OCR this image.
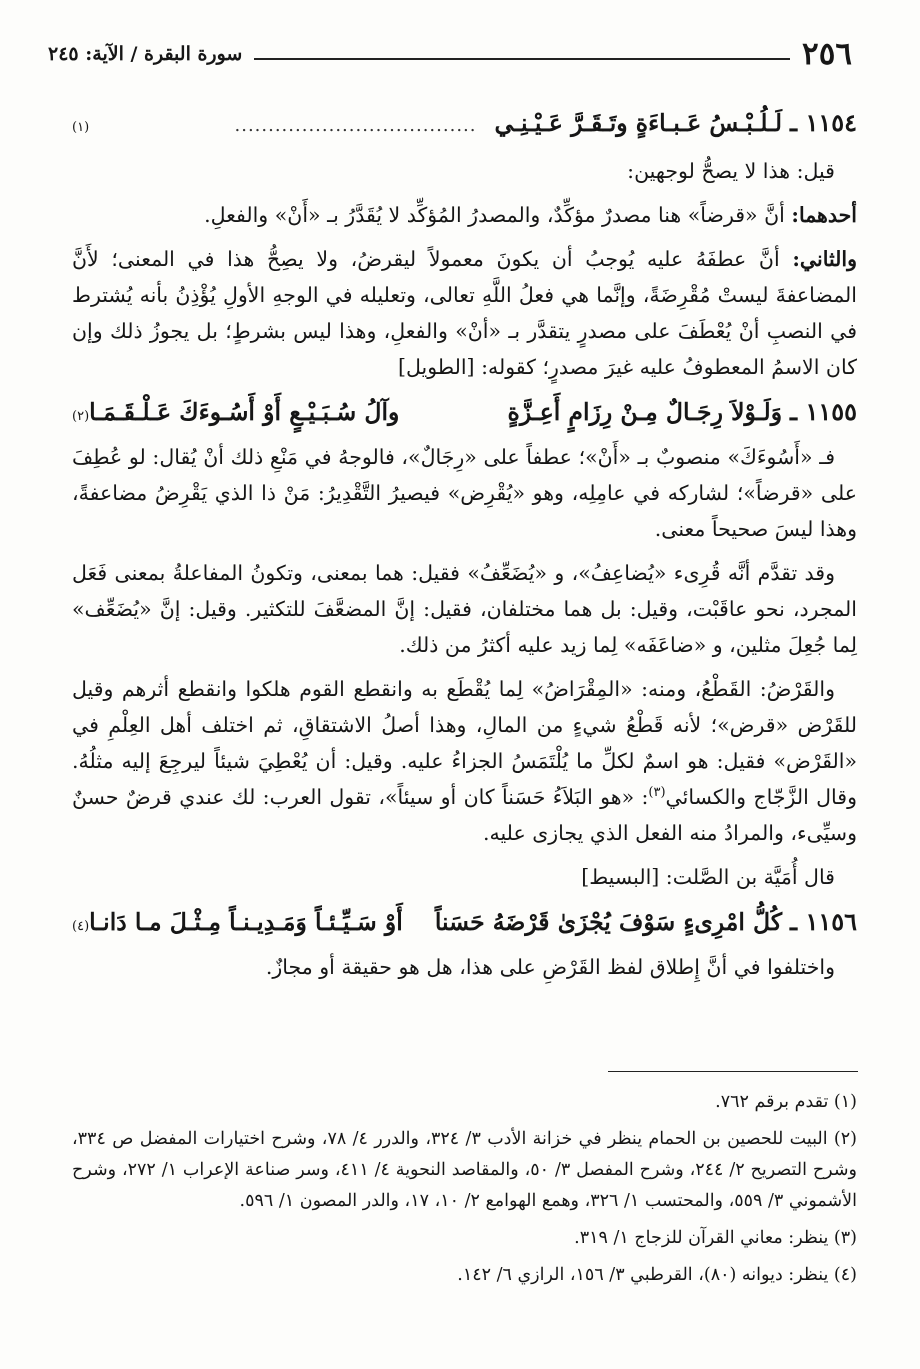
٢٥٦
سورة البقرة / الآية: ٢٤٥
١١٥٤ ـ
لَـلُـبْـسُ عَـبـاءَةٍ وتَـقَـرَّ عَـيْـنِـي
....................................
(١)

قيل: هذا لا يصحُّ لوجهين:

أحدهما: أنَّ «قرضاً» هنا مصدرٌ مؤكِّدٌ، والمصدرُ المُؤكِّد لا يُقَدَّرُ بـ «أَنْ» والفعلِ.

والثاني: أنَّ عطفَهُ عليه يُوجبُ أن يكونَ معمولاً ليقرضُ، ولا يصِحُّ هذا في المعنى؛ لأَنَّ المضاعفةَ ليستْ مُقْرِضَةً، وإنَّما هي فعلُ اللَّهِ تعالى، وتعليله في الوجهِ الأولِ يُؤْذِنُ بأنه يُشترط في النصبِ أنْ يُعْطَفَ على مصدرٍ يتقدَّر بـ «أنْ» والفعلِ، وهذا ليس بشرطٍ؛ بل يجوزُ ذلك وإن كان الاسمُ المعطوفُ عليه غيرَ مصدرٍ؛ كقوله: [الطويل]

١١٥٥ ـ
وَلَـوْلاَ رِجَـالٌ مِـنْ رِزَامٍ أَعِـزَّةٍ
وآلُ سُـبَـيْـعٍ أَوْ أَسُـوءَكَ عَـلْـقَـمَـا
(٢)

فـ «أَسُوءَكَ» منصوبٌ بـ «أَنْ»؛ عطفاً على «رِجَالٌ»، فالوجهُ في مَنْعِ ذلك أنْ يُقال: لو عُطِفَ على «قرضاً»؛ لشاركه في عامِلِه، وهو «يُقْرِض» فيصيرُ التَّقْدِيرُ: مَنْ ذا الذي يَقْرِضُ مضاعفةً، وهذا ليسَ صحيحاً معنى.

وقد تقدَّم أنَّه قُرِىء «يُضاعِفُ»، و «يُضَعِّفُ» فقيل: هما بمعنى، وتكونُ المفاعلةُ بمعنى فَعَل المجرد، نحو عاقَبْت، وقيل: بل هما مختلفان، فقيل: إنَّ المضعَّفَ للتكثير. وقيل: إنَّ «يُضَعِّف» لِما جُعِلَ مثلين، و «ضاعَفَه» لِما زيد عليه أكثرُ من ذلك.

والقَرْضُ: القَطْعُ، ومنه: «المِقْرَاضُ» لِما يُقْطَع به وانقطع القوم هلكوا وانقطع أثرهم وقيل للقَرْض «قرض»؛ لأنه قَطْعُ شيءٍ من المالِ، وهذا أصلُ الاشتقاقِ، ثم اختلف أهل العِلْمِ في «القَرْض» فقيل: هو اسمٌ لكلِّ ما يُلْتَمَسُ الجزاءُ عليه. وقيل: أن يُعْطِيَ شيئاً ليرجِعَ إليه مثلُهُ. وقال الزَّجّاج والكسائي$^{(٣)}$: «هو البَلاَءُ حَسَناً كان أو سيئاً»، تقول العرب: لك عندي قرضٌ حسنٌ وسيِّىء، والمرادُ منه الفعل الذي يجازى عليه.

قال أُمَيَّة بن الصَّلت: [البسيط]

١١٥٦ ـ
كُلُّ امْرِىءٍ سَوْفَ يُجْزَىٰ قَرْضَهُ حَسَناً
أَوْ سَـيِّـئـاً وَمَـدِيـنـاً مِـثْـلَ مـا دَانـا
(٤)

واختلفوا في أنَّ إِطلاق لفظ القَرْضِ على هذا، هل هو حقيقة أو مجازٌ.

(١) تقدم برقم ٧٦٢.

(٢) البيت للحصين بن الحمام ينظر في خزانة الأدب ٣/ ٣٢٤، والدرر ٤/ ٧٨، وشرح اختيارات المفضل ص ٣٣٤، وشرح التصريح ٢/ ٢٤٤، وشرح المفصل ٣/ ٥٠، والمقاصد النحوية ٤/ ٤١١، وسر صناعة الإعراب ١/ ٢٧٢، وشرح الأشموني ٣/ ٥٥٩، والمحتسب ١/ ٣٢٦، وهمع الهوامع ٢/ ١٠، ١٧، والدر المصون ١/ ٥٩٦.

(٣) ينظر: معاني القرآن للزجاج ١/ ٣١٩.

(٤) ينظر: ديوانه (٨٠)، القرطبي ٣/ ١٥٦، الرازي ٦/ ١٤٢.
